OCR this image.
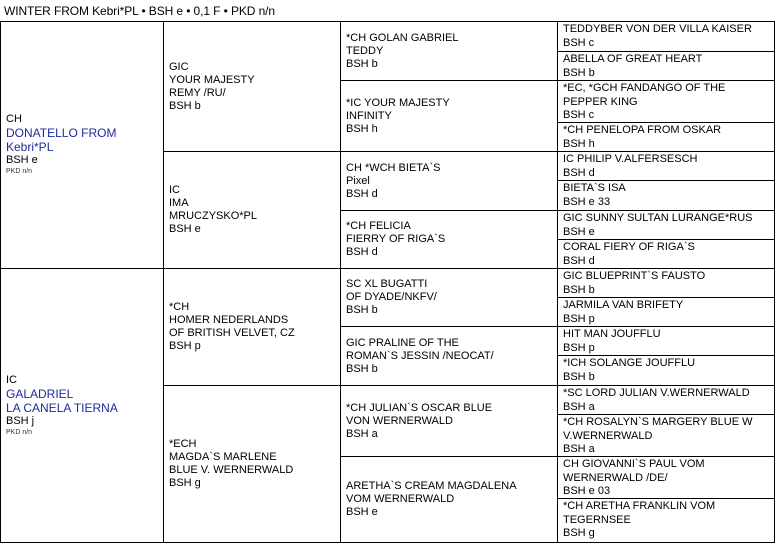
WINTER FROM Kebri*PL • BSH e • 0,1 F • PKD n/n
CH
DONATELLO FROM
Kebri*PL
BSH e
PKD n/n
IC
GALADRIEL
LA CANELA TIERNA
BSH j
PKD n/n
GIC
YOUR MAJESTY
REMY /RU/
BSH b
IC
IMA
MRUCZYSKO*PL
BSH e
*CH
HOMER NEDERLANDS
OF BRITISH VELVET, CZ
BSH p
*ECH
MAGDA`S MARLENE
BLUE V. WERNERWALD
BSH g
*CH GOLAN GABRIEL
TEDDY
BSH b
*IC YOUR MAJESTY
INFINITY
BSH h
CH *WCH BIETA`S
Pixel
BSH d
*CH FELICIA
FIERRY OF RIGA`S
BSH d
SC XL BUGATTI
OF DYADE/NKFV/
BSH b
GIC PRALINE OF THE
ROMAN`S JESSIN /NEOCAT/
BSH b
*CH JULIAN`S OSCAR BLUE
VON WERNERWALD
BSH a
ARETHA`S CREAM MAGDALENA
VOM WERNERWALD
BSH e
TEDDYBER VON DER VILLA KAISER
BSH c
ABELLA OF GREAT HEART
BSH b
*EC, *GCH FANDANGO OF THE
PEPPER KING
BSH c
*CH PENELOPA FROM OSKAR
BSH h
IC PHILIP V.ALFERSESCH
BSH d
BIETA`S ISA
BSH e 33
GIC SUNNY SULTAN LURANGE*RUS
BSH e
CORAL FIERY OF RIGA`S
BSH d
GIC BLUEPRINT`S FAUSTO
BSH b
JARMILA VAN BRIFETY
BSH p
HIT MAN JOUFFLU
BSH p
*ICH SOLANGE JOUFFLU
BSH b
*SC LORD JULIAN V.WERNERWALD
BSH a
*CH ROSALYN`S MARGERY BLUE W
V.WERNERWALD
BSH a
CH GIOVANNI`S PAUL VOM
WERNERWALD /DE/
BSH e 03
*CH ARETHA FRANKLIN VOM
TEGERNSEE
BSH g
